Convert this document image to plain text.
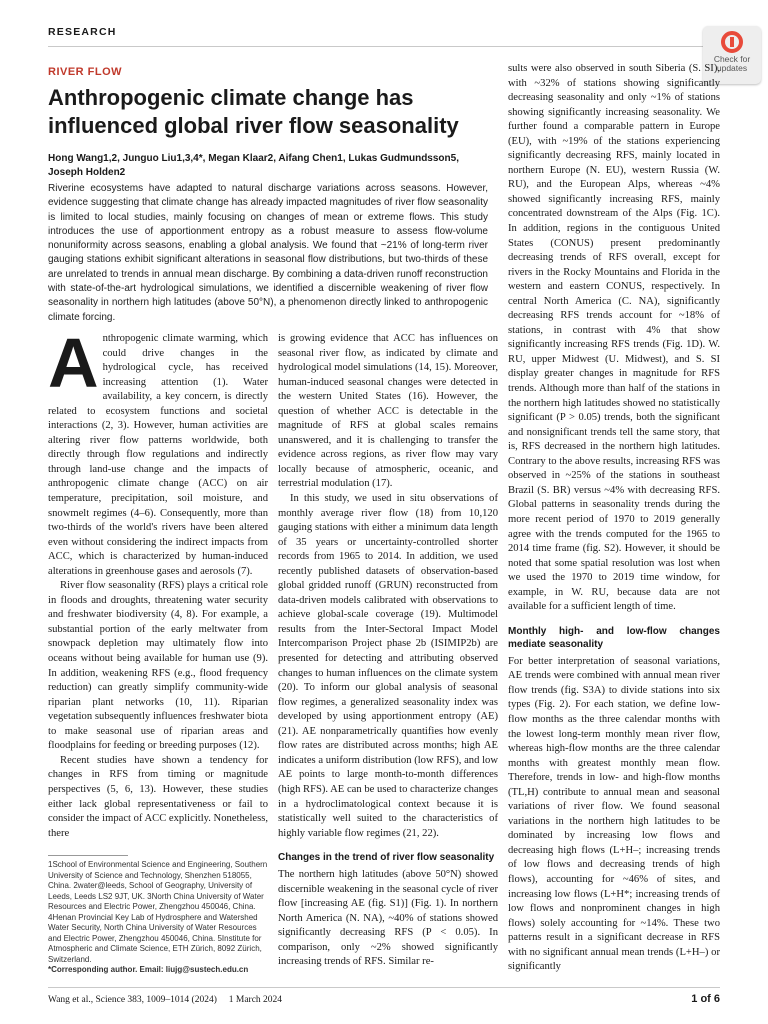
RESEARCH
Check for
updates
RIVER FLOW
Anthropogenic climate change has influenced global river flow seasonality
Hong Wang1,2, Junguo Liu1,3,4*, Megan Klaar2, Aifang Chen1, Lukas Gudmundsson5, Joseph Holden2
Riverine ecosystems have adapted to natural discharge variations across seasons. However, evidence suggesting that climate change has already impacted magnitudes of river flow seasonality is limited to local studies, mainly focusing on changes of mean or extreme flows. This study introduces the use of apportionment entropy as a robust measure to assess flow-volume nonuniformity across seasons, enabling a global analysis. We found that ~21% of long-term river gauging stations exhibit significant alterations in seasonal flow distributions, but two-thirds of these are unrelated to trends in annual mean discharge. By combining a data-driven runoff reconstruction with state-of-the-art hydrological simulations, we identified a discernible weakening of river flow seasonality in northern high latitudes (above 50°N), a phenomenon directly linked to anthropogenic climate forcing.
A nthropogenic climate warming, which could drive changes in the hydrological cycle, has received increasing attention (1). Water availability, a key concern, is directly related to ecosystem functions and societal interactions (2, 3). However, human activities are altering river flow patterns worldwide, both directly through flow regulations and indirectly through land-use change and the impacts of anthropogenic climate change (ACC) on air temperature, precipitation, soil moisture, and snowmelt regimes (4–6). Consequently, more than two-thirds of the world's rivers have been altered even without considering the indirect impacts from ACC, which is characterized by human-induced alterations in greenhouse gases and aerosols (7).

River flow seasonality (RFS) plays a critical role in floods and droughts, threatening water security and freshwater biodiversity (4, 8). For example, a substantial portion of the early meltwater from snowpack depletion may ultimately flow into oceans without being available for human use (9). In addition, weakening RFS (e.g., flood frequency reduction) can greatly simplify community-wide riparian plant networks (10, 11). Riparian vegetation subsequently influences freshwater biota to make seasonal use of riparian areas and floodplains for feeding or breeding purposes (12).

Recent studies have shown a tendency for changes in RFS from timing or magnitude perspectives (5, 6, 13). However, these studies either lack global representativeness or fail to consider the impact of ACC explicitly. Nonetheless, there

is growing evidence that ACC has influences on seasonal river flow, as indicated by climate and hydrological model simulations (14, 15). Moreover, human-induced seasonal changes were detected in the western United States (16). However, the question of whether ACC is detectable in the magnitude of RFS at global scales remains unanswered, and it is challenging to transfer the evidence across regions, as river flow may vary locally because of atmospheric, oceanic, and terrestrial modulation (17).

In this study, we used in situ observations of monthly average river flow (18) from 10,120 gauging stations with either a minimum data length of 35 years or uncertainty-controlled shorter records from 1965 to 2014. In addition, we used recently published datasets of observation-based global gridded runoff (GRUN) reconstructed from data-driven models calibrated with observations to achieve global-scale coverage (19). Multimodel results from the Inter-Sectoral Impact Model Intercomparison Project phase 2b (ISIMIP2b) are presented for detecting and attributing observed changes to human influences on the climate system (20). To inform our global analysis of seasonal flow regimes, a generalized seasonality index was developed by using apportionment entropy (AE) (21). AE nonparametrically quantifies how evenly flow rates are distributed across months; high AE indicates a uniform distribution (low RFS), and low AE points to large month-to-month differences (high RFS). AE can be used to characterize changes in a hydroclimatological context because it is statistically well suited to the characteristics of highly variable flow regimes (21, 22).

Changes in the trend of river flow seasonality

The northern high latitudes (above 50°N) showed discernible weakening in the seasonal cycle of river flow [increasing AE (fig. S1)] (Fig. 1). In northern North America (N. NA), ~40% of stations showed significantly decreasing RFS (P < 0.05). In comparison, only ~2% showed significantly increasing trends of RFS. Similar re-

sults were also observed in south Siberia (S. SI), with ~32% of stations showing significantly decreasing seasonality and only ~1% of stations showing significantly increasing seasonality. We further found a comparable pattern in Europe (EU), with ~19% of the stations experiencing significantly decreasing RFS, mainly located in northern Europe (N. EU), western Russia (W. RU), and the European Alps, whereas ~4% showed significantly increasing RFS, mainly concentrated downstream of the Alps (Fig. 1C). In addition, regions in the contiguous United States (CONUS) present predominantly decreasing trends of RFS overall, except for rivers in the Rocky Mountains and Florida in the western and eastern CONUS, respectively. In central North America (C. NA), significantly decreasing RFS trends account for ~18% of stations, in contrast with 4% that show significantly increasing RFS trends (Fig. 1D). W. RU, upper Midwest (U. Midwest), and S. SI display greater changes in magnitude for RFS trends. Although more than half of the stations in the northern high latitudes showed no statistically significant (P > 0.05) trends, both the significant and nonsignificant trends tell the same story, that is, RFS decreased in the northern high latitudes. Contrary to the above results, increasing RFS was observed in ~25% of the stations in southeast Brazil (S. BR) versus ~4% with decreasing RFS. Global patterns in seasonality trends during the more recent period of 1970 to 2019 generally agree with the trends computed for the 1965 to 2014 time frame (fig. S2). However, it should be noted that some spatial resolution was lost when we used the 1970 to 2019 time window, for example, in W. RU, because data are not available for a sufficient length of time.

Monthly high- and low-flow changes mediate seasonality

For better interpretation of seasonal variations, AE trends were combined with annual mean river flow trends (fig. S3A) to divide stations into six types (Fig. 2). For each station, we define low-flow months as the three calendar months with the lowest long-term monthly mean river flow, whereas high-flow months are the three calendar months with greatest monthly mean flow. Therefore, trends in low- and high-flow months (TL,H) contribute to annual mean and seasonal variations of river flow. We found seasonal variations in the northern high latitudes to be dominated by increasing low flows and decreasing high flows (L+H–; increasing trends of low flows and decreasing trends of high flows), accounting for ~46% of sites, and increasing low flows (L+H*; increasing trends of low flows and nonprominent changes in high flows) solely accounting for ~14%. These two patterns result in a significant decrease in RFS with no significant annual mean trends (L+H–) or significantly

1School of Environmental Science and Engineering, Southern University of Science and Technology, Shenzhen 518055, China. 2water@leeds, School of Geography, University of Leeds, Leeds LS2 9JT, UK. 3North China University of Water Resources and Electric Power, Zhengzhou 450046, China. 4Henan Provincial Key Lab of Hydrosphere and Watershed Water Security, North China University of Water Resources and Electric Power, Zhengzhou 450046, China. 5Institute for Atmospheric and Climate Science, ETH Zürich, 8092 Zürich, Switzerland.
*Corresponding author. Email: liujg@sustech.edu.cn
Wang et al., Science 383, 1009–1014 (2024)     1 March 2024	1 of 6
